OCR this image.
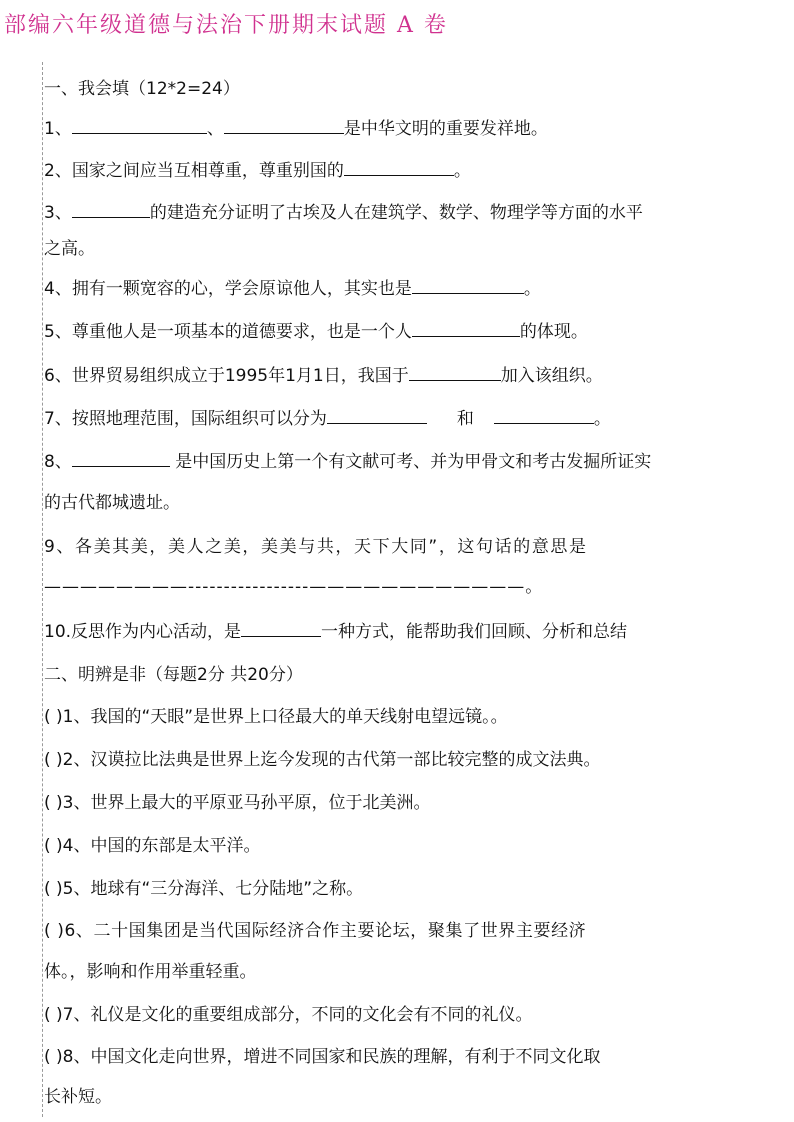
部编六年级道德与法治下册期末试题 A 卷
一、我会填（12*2=24）
1、	、	是中华文明的重要发祥地。
2、国家之间应当互相尊重，尊重别国的	。
3、	的建造充分证明了古埃及人在建筑学、数学、物理学等方面的水平
之高。
4、拥有一颗宽容的心，学会原谅他人，其实也是	。
5、尊重他人是一项基本的道德要求，也是一个人	的体现。
6、世界贸易组织成立于1995年1月1日，我国于	加入该组织。
7、按照地理范围，国际组织可以分为	和	。
8、	是中国历史上第一个有文献可考、并为甲骨文和考古发掘所证实
的古代都城遗址。
9、各美其美，美人之美，美美与共，天下大同”，这句话的意思是
————————-----------------————————————。
10.反思作为内心活动，是	一种方式，能帮助我们回顾、分析和总结
二、明辨是非（每题2分 共20分）
( )1、我国的“天眼”是世界上口径最大的单天线射电望远镜。。
( )2、汉谟拉比法典是世界上迄今发现的古代第一部比较完整的成文法典。
( )3、世界上最大的平原亚马孙平原，位于北美洲。
( )4、中国的东部是太平洋。
( )5、地球有“三分海洋、七分陆地”之称。
( )6、二十国集团是当代国际经济合作主要论坛，聚集了世界主要经济
体。，影响和作用举重轻重。
( )7、礼仪是文化的重要组成部分，不同的文化会有不同的礼仪。
( )8、中国文化走向世界，增进不同国家和民族的理解，有利于不同文化取
长补短。
